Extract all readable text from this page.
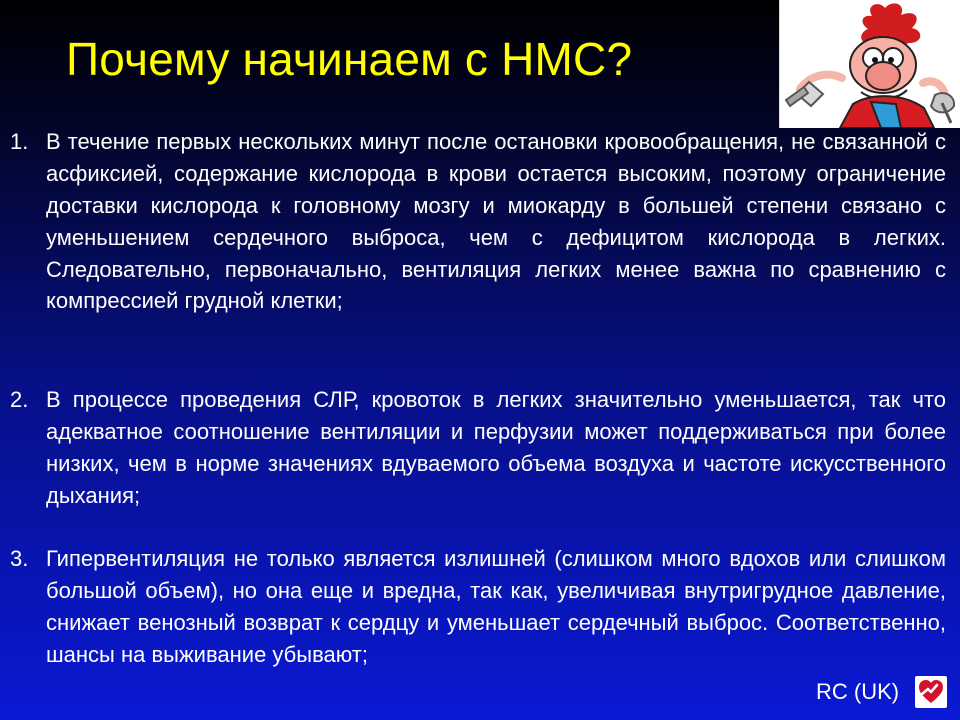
Почему начинаем с НМС?
1. В течение первых нескольких минут после остановки кровообращения, не связанной с асфиксией, содержание кислорода в крови остается высоким, поэтому ограничение доставки кислорода к головному мозгу и миокарду в большей степени связано с уменьшением сердечного выброса, чем с дефицитом кислорода в легких. Следовательно, первоначально, вентиляция легких менее важна по сравнению с компрессией грудной клетки;
2. В процессе проведения СЛР, кровоток в легких значительно уменьшается, так что адекватное соотношение вентиляции и перфузии может поддерживаться при более низких, чем в норме значениях вдуваемого объема воздуха и частоте искусственного дыхания;
3. Гипервентиляция не только является излишней (слишком много вдохов или слишком большой объем), но она еще и вредна, так как, увеличивая внутригрудное давление, снижает венозный возврат к сердцу и уменьшает сердечный выброс. Соответственно, шансы на выживание убывают;
RC (UK)
